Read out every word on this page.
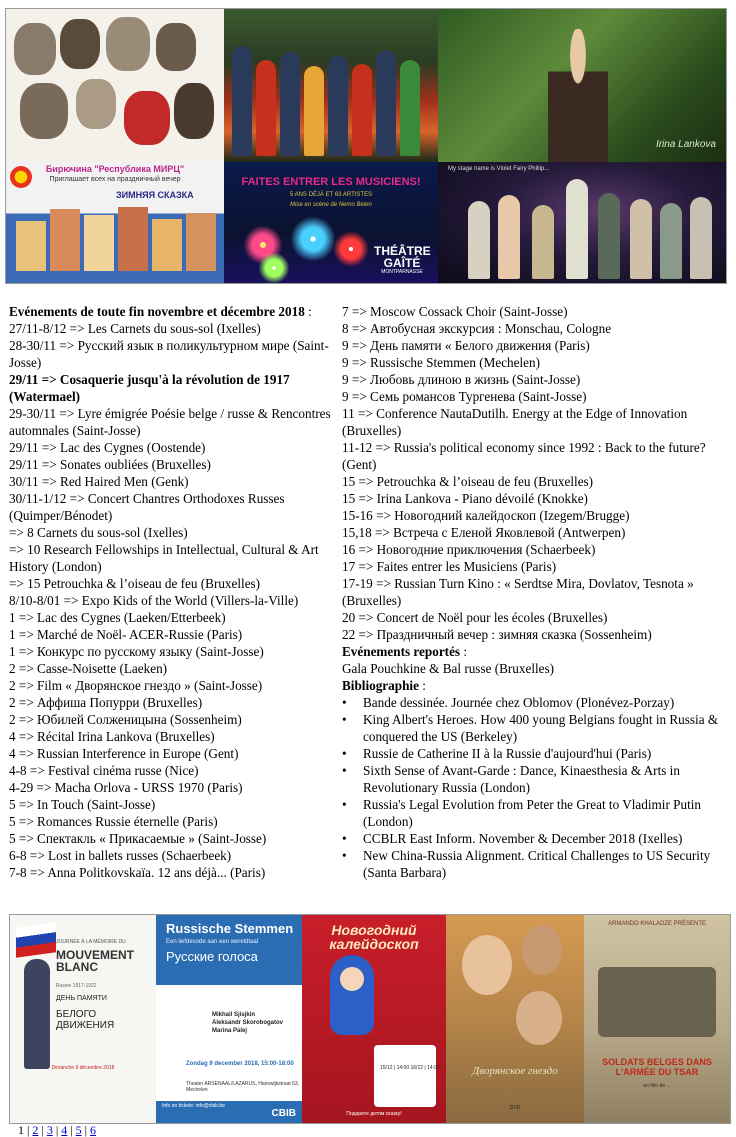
Irina Lankova
Бирючина "Республика МИРЦ"
Приглашает всех на праздничный вечер
ЗИМНЯЯ СКАЗКА
FAITES ENTRER LES MUSICIENS!
5 ANS DÉJÀ ET 63 ARTISTES
Mise en scène de Nemo Belen
THÉÂTRE GAÎTÉ
MONTPARNASSE
My stage name is Violet Fairy Phillip...
Evénements de toute fin novembre et décembre 2018 :
27/11-8/12 => Les Carnets du sous-sol (Ixelles)
28-30/11 => Русский язык в поликультурном мире (Saint-Josse)
29/11 => Cosaquerie jusqu'à la révolution de 1917 (Watermael)
29-30/11 => Lyre émigrée Poésie belge / russe & Rencontres automnales (Saint-Josse)
29/11 => Lac des Cygnes (Oostende)
29/11 => Sonates oubliées (Bruxelles)
30/11 => Red Haired Men (Genk)
30/11-1/12 => Concert Chantres Orthodoxes Russes (Quimper/Bénodet)
=> 8 Carnets du sous-sol (Ixelles)
=> 10 Research Fellowships in Intellectual, Cultural & Art History (London)
=> 15 Petrouchka & l’oiseau de feu (Bruxelles)
8/10-8/01 => Expo Kids of the World (Villers-la-Ville)
1 => Lac des Cygnes (Laeken/Etterbeek)
1 => Marché de Noël- ACER-Russie (Paris)
1 => Конкурс по русскому языку (Saint-Josse)
2 => Casse-Noisette (Laeken)
2 => Film « Дворянское гнездо » (Saint-Josse)
2 => Аффиша Попурри (Bruxelles)
2 => Юбилей Солженицына (Sossenheim)
4 => Récital Irina Lankova (Bruxelles)
4 => Russian Interference in Europe (Gent)
4-8 => Festival cinéma russe (Nice)
4-29 => Macha Orlova - URSS 1970 (Paris)
5 => In Touch (Saint-Josse)
5 => Romances Russie éternelle (Paris)
5 => Спектакль « Прикасаемые » (Saint-Josse)
6-8 => Lost in ballets russes (Schaerbeek)
7-8 => Anna Politkovskaïa. 12 ans déjà... (Paris)
7 => Moscow Cossack Choir (Saint-Josse)
8 => Автобусная экскурсия : Monschau, Cologne
9 => День памяти « Белого движения (Paris)
9 => Russische Stemmen (Mechelen)
9 => Любовь длиною в жизнь (Saint-Josse)
9 => Семь романсов Тургенева (Saint-Josse)
11 => Conference NautaDutilh. Energy at the Edge of Innovation (Bruxelles)
11-12 => Russia's political economy since 1992 : Back to the future? (Gent)
15 => Petrouchka & l’oiseau de feu (Bruxelles)
15 => Irina Lankova - Piano dévoilé (Knokke)
15-16 => Новогодний калейдоскоп (Izegem/Brugge)
15,18 => Встреча с Еленой Яковлевой (Antwerpen)
16 => Новогодние приключения (Schaerbeek)
17 => Faites entrer les Musiciens (Paris)
17-19 => Russian Turn Kino : « Serdtse Mira, Dovlatov, Tesnota » (Bruxelles)
20 => Concert de Noël pour les écoles (Bruxelles)
22 => Праздничный вечер : зимняя сказка (Sossenheim)
Evénements reportés :
Gala Pouchkine & Bal russe (Bruxelles)
Bibliographie :
• Bande dessinée. Journée chez Oblomov (Plonévez-Porzay)
• King Albert's Heroes. How 400 young Belgians fought in Russia & conquered the US (Berkeley)
• Russie de Catherine II à la Russie d'aujourd'hui (Paris)
• Sixth Sense of Avant-Garde : Dance, Kinaesthesia & Arts in Revolutionary Russia (London)
• Russia's Legal Evolution from Peter the Great to Vladimir Putin (London)
• CCBLR East Inform. November & December 2018 (Ixelles)
• New China-Russia Alignment. Critical Challenges to US Security (Santa Barbara)
JOURNÉE À LA MÉMOIRE DU
MOUVEMENT BLANC
Russie 1917-1922
ДЕНЬ ПАМЯТИ
БЕЛОГО ДВИЖЕНИЯ
Dimanche 9 décembre 2018
Russische Stemmen
Een liefdesode aan een wereldtaal
Русские голоса
Mikhail Sjisjkin
Aleksandr Skorobogatov
Marina Palej
Zondag 9 december 2018, 15:00-18:00
Theater ARSENAAL/LAZARUS, Hanswijkstraat 63, Mechelen
Info en tickets: info@cbib.be
CBIB
Новогодний калейдоскоп
15/12 | 14:00 16/12 | 14:00
Подарите детям сказку!
Дворянское гнездо
DVD
ARMANDO KHALADZE PRÉSENTE
SOLDATS BELGES DANS L'ARMÉE DU TSAR
un film de ...
1 | 2 | 3 | 4 | 5 | 6
